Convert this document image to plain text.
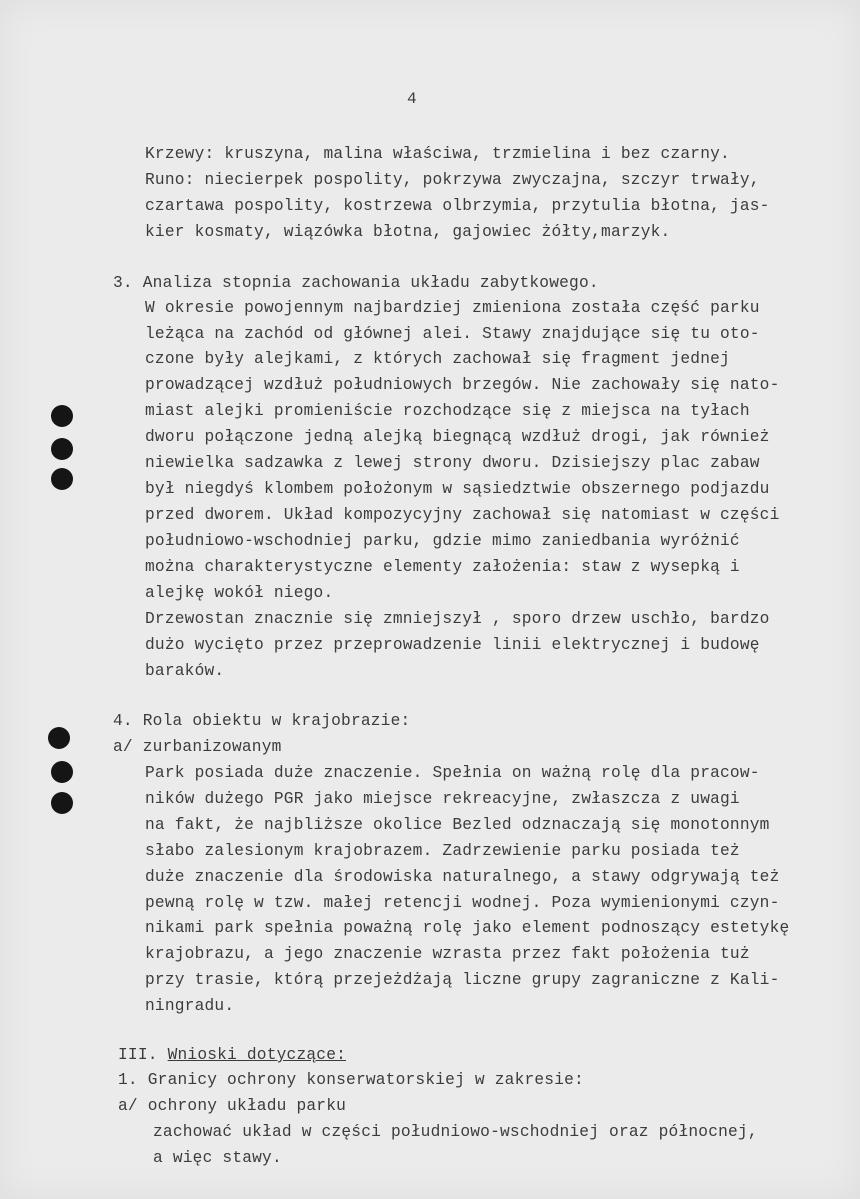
4
Krzewy: kruszyna, malina właściwa, trzmielina i bez czarny.
Runo: niecierpek pospolity, pokrzywa zwyczajna, szczyr trwały,
czartawa pospolity, kostrzewa olbrzymia, przytulia błotna, jas-
kier kosmaty, wiązówka błotna, gajowiec żółty,marzyk.
3. Analiza stopnia zachowania układu zabytkowego.
W okresie powojennym najbardziej zmieniona została część parku
leżąca na zachód od głównej alei. Stawy znajdujące się tu oto-
czone były alejkami, z których zachował się fragment jednej
prowadzącej wzdłuż południowych brzegów. Nie zachowały się nato-
miast alejki promieniście rozchodzące się z miejsca na tyłach
dworu połączone jedną alejką biegnącą wzdłuż drogi, jak również
niewielka sadzawka z lewej strony dworu. Dzisiejszy plac zabaw
był niegdyś klombem położonym w sąsiedztwie obszernego podjazdu
przed dworem. Układ kompozycyjny zachował się natomiast w części
południowo-wschodniej parku, gdzie mimo zaniedbania wyróżnić
można charakterystyczne elementy założenia: staw z wysepką i
alejkę wokół niego.
Drzewostan znacznie się zmniejszył , sporo drzew uschło, bardzo
dużo wycięto przez przeprowadzenie linii elektrycznej i budowę
baraków.
4. Rola obiektu w krajobrazie:
a/ zurbanizowanym
Park posiada duże znaczenie. Spełnia on ważną rolę dla pracow-
ników dużego PGR jako miejsce rekreacyjne, zwłaszcza z uwagi
na fakt, że najbliższe okolice Bezled odznaczają się monotonnym
słabo zalesionym krajobrazem. Zadrzewienie parku posiada też
duże znaczenie dla środowiska naturalnego, a stawy odgrywają też
pewną rolę w tzw. małej retencji wodnej. Poza wymienionymi czyn-
nikami park spełnia poważną rolę jako element podnoszący estetykę
krajobrazu, a jego znaczenie wzrasta przez fakt położenia tuż
przy trasie, którą przejeżdżają liczne grupy zagraniczne z Kali-
ningradu.
III. Wnioski dotyczące:
1. Granicy ochrony konserwatorskiej w zakresie:
a/ ochrony układu parku
zachować układ w części południowo-wschodniej oraz północnej,
a więc stawy.
